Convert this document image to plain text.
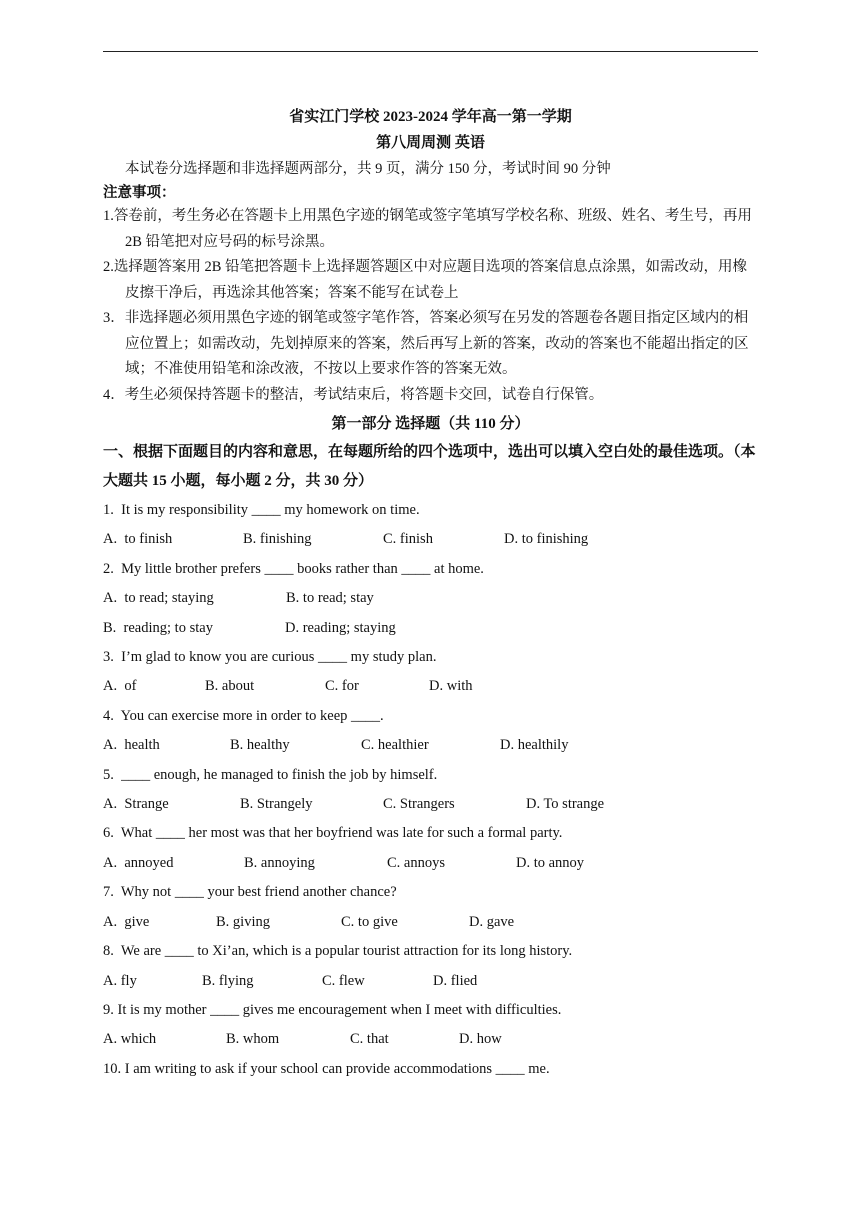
省实江门学校 2023-2024 学年高一第一学期

第八周周测 英语

本试卷分选择题和非选择题两部分，共 9 页，满分 150 分，考试时间 90 分钟

注意事项：

1.答卷前，考生务必在答题卡上用黑色字迹的钢笔或签字笔填写学校名称、班级、姓名、考生号，再用 2B 铅笔把对应号码的标号涂黑。

2.选择题答案用 2B 铅笔把答题卡上选择题答题区中对应题目选项的答案信息点涂黑，如需改动，用橡皮擦干净后，再选涂其他答案；答案不能写在试卷上

3．非选择题必须用黑色字迹的钢笔或签字笔作答，答案必须写在另发的答题卷各题目指定区域内的相应位置上；如需改动，先划掉原来的答案，然后再写上新的答案，改动的答案也不能超出指定的区域；不准使用铅笔和涂改液，不按以上要求作答的答案无效。

4．考生必须保持答题卡的整洁，考试结束后，将答题卡交回，试卷自行保管。

第一部分 选择题（共 110 分）

一、根据下面题目的内容和意思，在每题所给的四个选项中，选出可以填入空白处的最佳选项。（本大题共 15 小题，每小题 2 分，共 30 分）

1.  It is my responsibility ____ my homework on time.

A.  to finish	B. finishing	C. finish	D. to finishing

2.  My little brother prefers ____ books rather than ____ at home.

A.  to read; staying	B. to read; stay
B.  reading; to stay	D. reading; staying

3.  I’m glad to know you are curious ____ my study plan.

A.  of	B. about	C. for	D. with

4.  You can exercise more in order to keep ____.

A.  health	B. healthy	C. healthier	D. healthily

5.  ____ enough, he managed to finish the job by himself.

A.  Strange	B. Strangely	C. Strangers	D. To strange

6.  What ____ her most was that her boyfriend was late for such a formal party.

A.  annoyed	B. annoying	C. annoys	D. to annoy

7.  Why not ____ your best friend another chance?

A.  give	B. giving	C. to give	D. gave

8.  We are ____ to Xi’an, which is a popular tourist attraction for its long history.

A. fly	B. flying	C. flew	D. flied

9. It is my mother ____ gives me encouragement when I meet with difficulties.

A. which	B. whom	C. that	D. how

10. I am writing to ask if your school can provide accommodations ____ me.
